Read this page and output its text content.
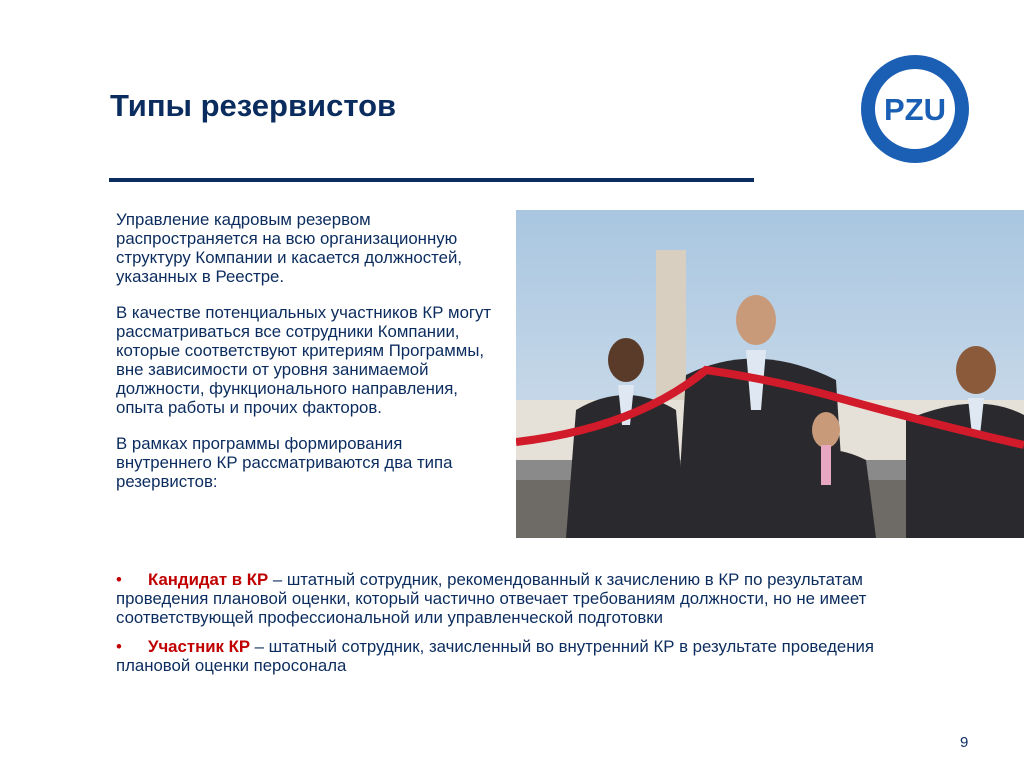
Типы резервистов	PZU

Управление кадровым резервом распространяется на всю организационную структуру Компании и касается должностей, указанных в Реестре.

В качестве потенциальных участников КР могут рассматриваться все сотрудники Компании, которые соответствуют критериям Программы, вне зависимости от уровня занимаемой должности, функционального направления, опыта работы и прочих факторов.

В рамках программы формирования внутреннего КР рассматриваются два типа резервистов:

• Кандидат в КР – штатный сотрудник, рекомендованный к зачислению в КР по результатам проведения плановой оценки, который частично отвечает требованиям должности, но не имеет соответствующей профессиональной или управленческой подготовки
• Участник КР – штатный сотрудник, зачисленный во внутренний КР в результате проведения плановой оценки перосонала
9
